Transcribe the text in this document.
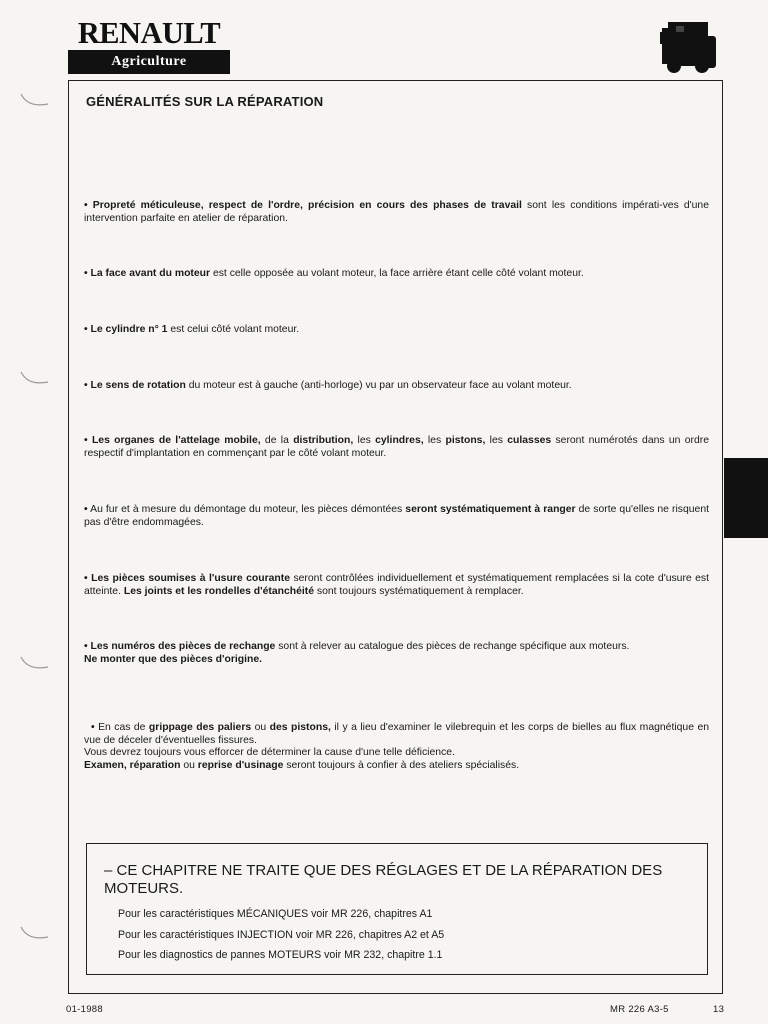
RENAULT
Agriculture
GÉNÉRALITÉS SUR LA RÉPARATION
• Propreté méticuleuse, respect de l'ordre, précision en cours des phases de travail sont les conditions impérati-ves d'une intervention parfaite en atelier de réparation.
• La face avant du moteur est celle opposée au volant moteur, la face arrière étant celle côté volant moteur.
• Le cylindre n° 1 est celui côté volant moteur.
• Le sens de rotation du moteur est à gauche (anti-horloge) vu par un observateur face au volant moteur.
• Les organes de l'attelage mobile, de la distribution, les cylindres, les pistons, les culasses seront numérotés dans un ordre respectif d'implantation en commençant par le côté volant moteur.
• Au fur et à mesure du démontage du moteur, les pièces démontées seront systématiquement à ranger de sorte qu'elles ne risquent pas d'être endommagées.
• Les pièces soumises à l'usure courante seront contrôlées individuellement et systématiquement remplacées si la cote d'usure est atteinte. Les joints et les rondelles d'étanchéité sont toujours systématiquement à remplacer.
• Les numéros des pièces de rechange sont à relever au catalogue des pièces de rechange spécifique aux moteurs.
Ne monter que des pièces d'origine.
• En cas de grippage des paliers ou des pistons, il y a lieu d'examiner le vilebrequin et les corps de bielles au flux magnétique en vue de déceler d'éventuelles fissures.
Vous devrez toujours vous efforcer de déterminer la cause d'une telle déficience.
Examen, réparation ou reprise d'usinage seront toujours à confier à des ateliers spécialisés.
– CE CHAPITRE NE TRAITE QUE DES RÉGLAGES ET DE LA RÉPARATION DES MOTEURS.
Pour les caractéristiques MÉCANIQUES voir MR 226, chapitres A1
Pour les caractéristiques INJECTION voir MR 226, chapitres A2 et A5
Pour les diagnostics de pannes MOTEURS voir MR 232, chapitre 1.1
01-1988	MR 226 A3-5	13
